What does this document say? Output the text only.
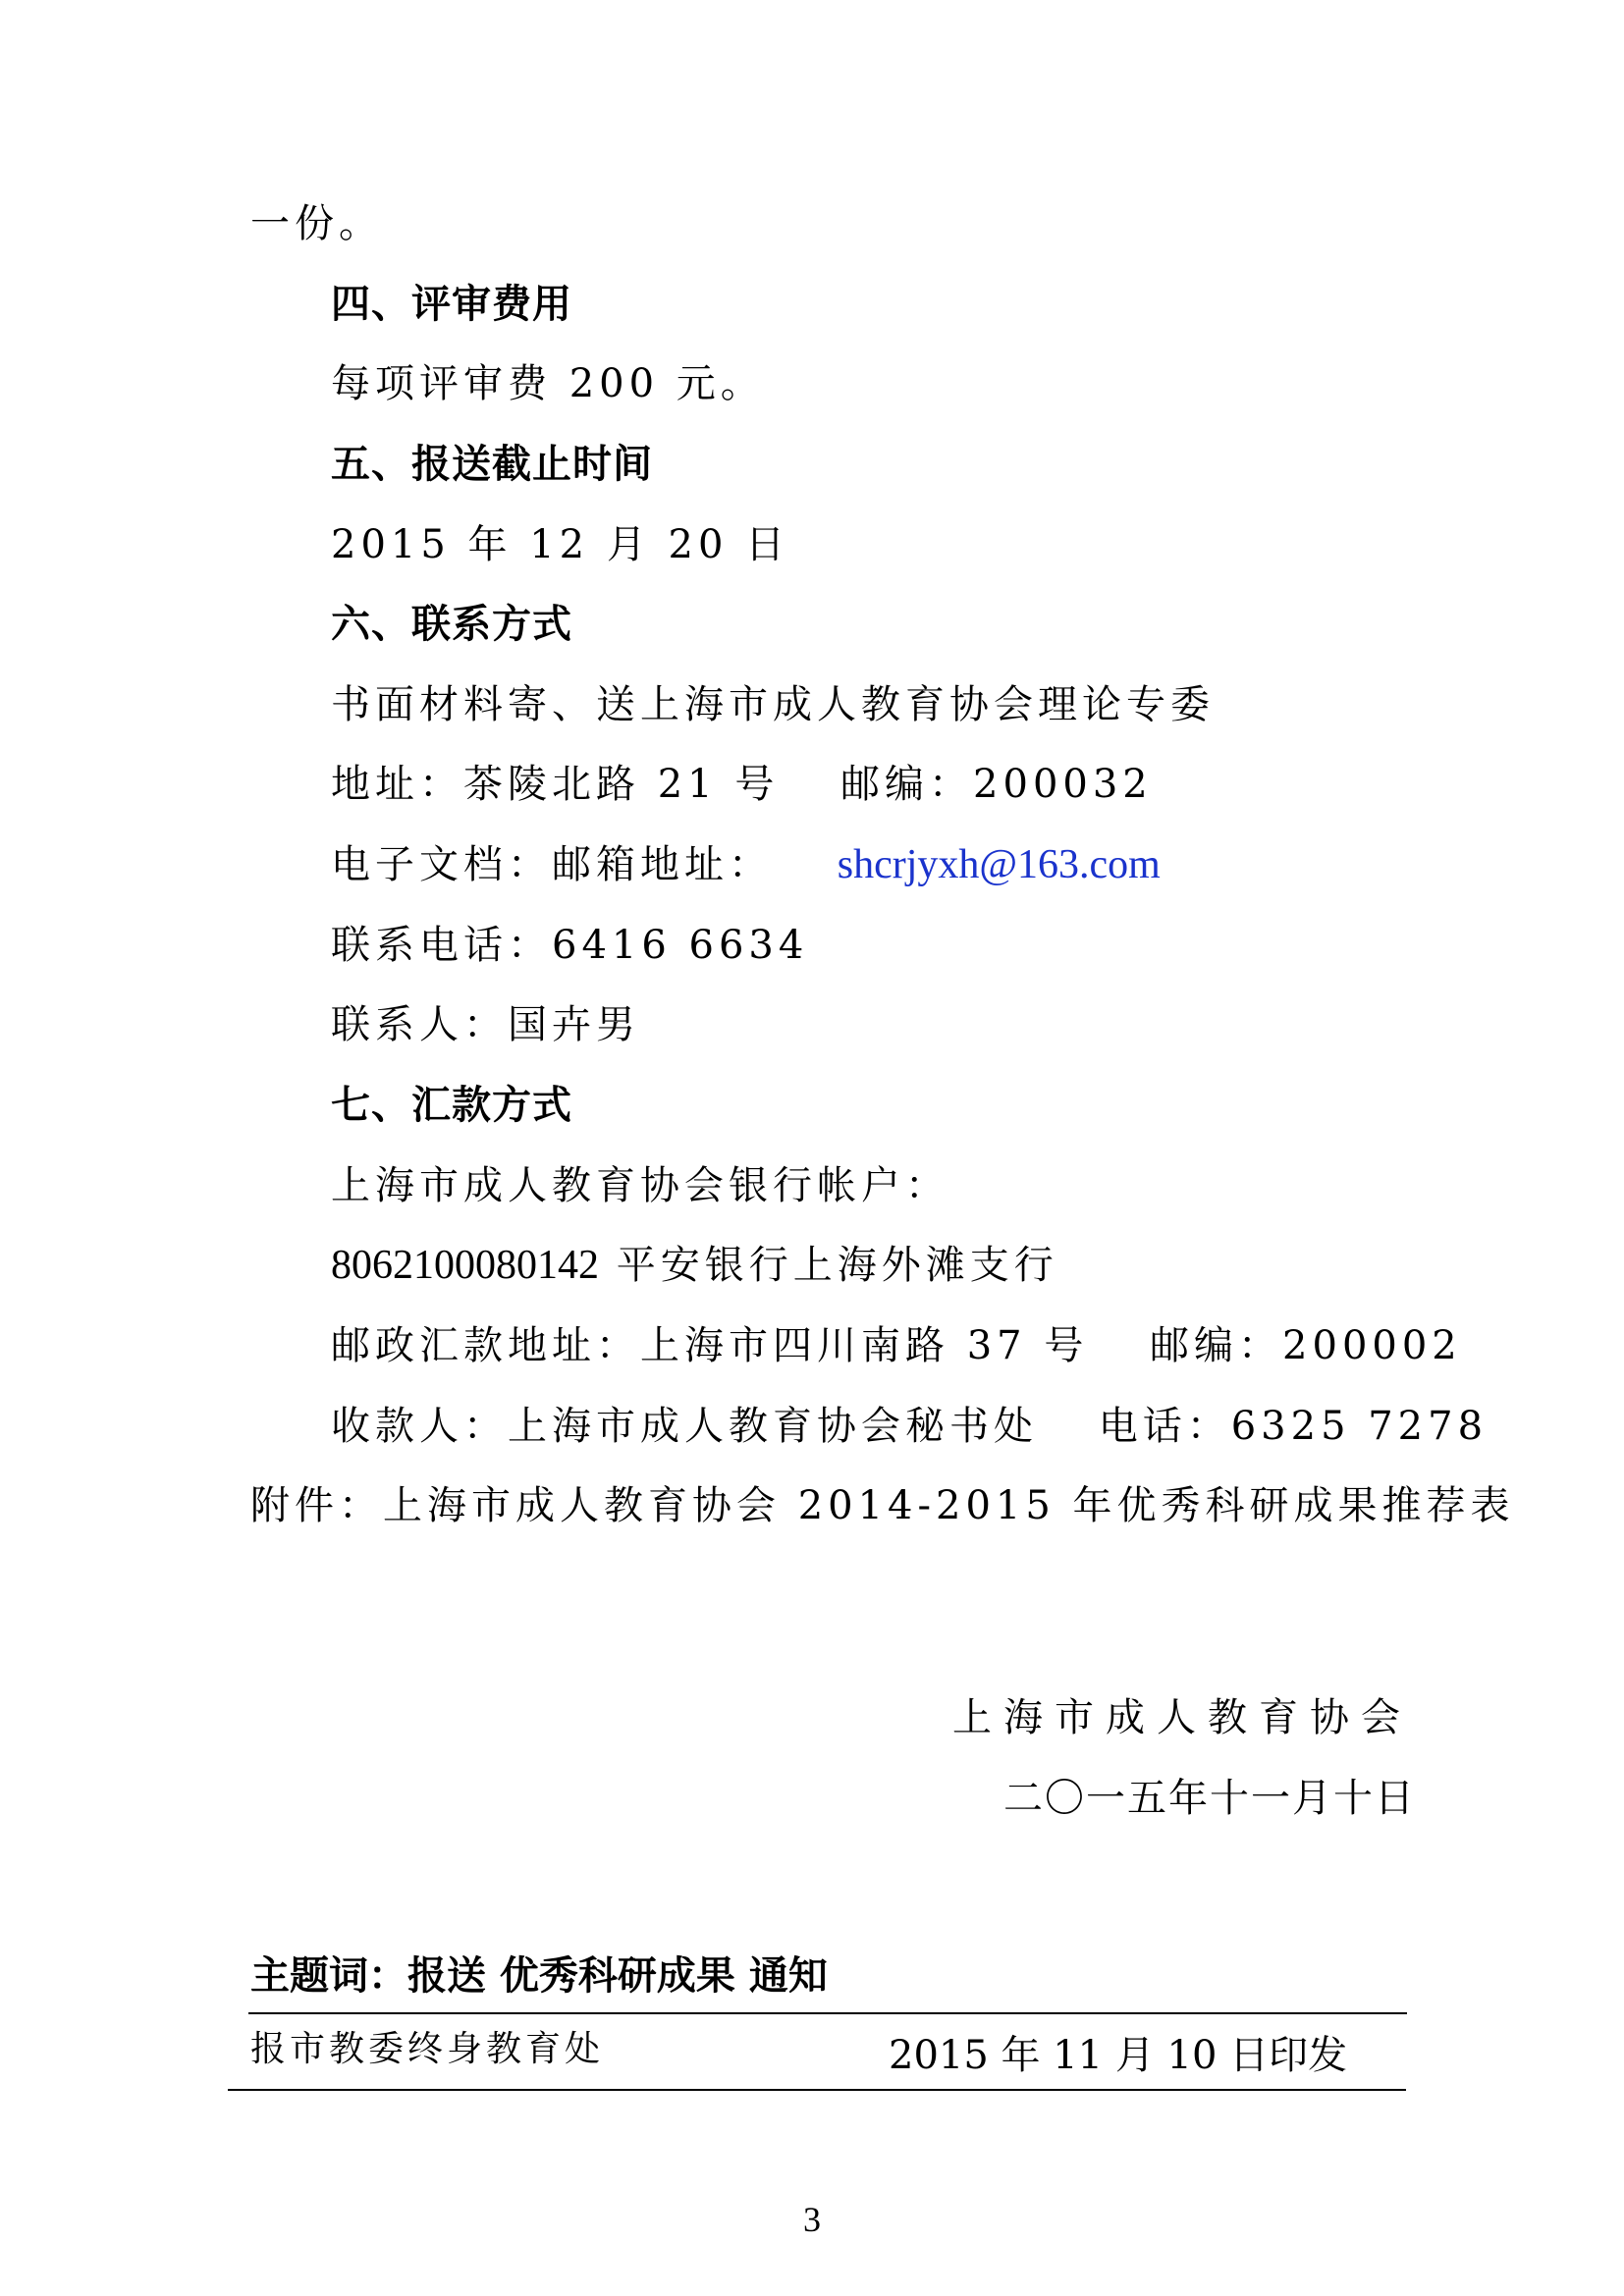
一份。
四、评审费用
每项评审费 200 元。
五、报送截止时间
2015 年 12 月 20 日
六、联系方式
书面材料寄、送上海市成人教育协会理论专委
地址：茶陵北路 21 号　 邮编：200032
电子文档：邮箱地址： shcrjyxh@163.com
联系电话：6416 6634
联系人：国卉男
七、汇款方式
上海市成人教育协会银行帐户：
8062100080142 平安银行上海外滩支行
邮政汇款地址：上海市四川南路 37 号　 邮编：200002
收款人：上海市成人教育协会秘书处 电话：6325 7278
附件：上海市成人教育协会 2014-2015 年优秀科研成果推荐表
上海市成人教育协会
二〇一五年十一月十日
主题词：报送 优秀科研成果 通知
报市教委终身教育处	2015 年 11 月 10 日印发
3
